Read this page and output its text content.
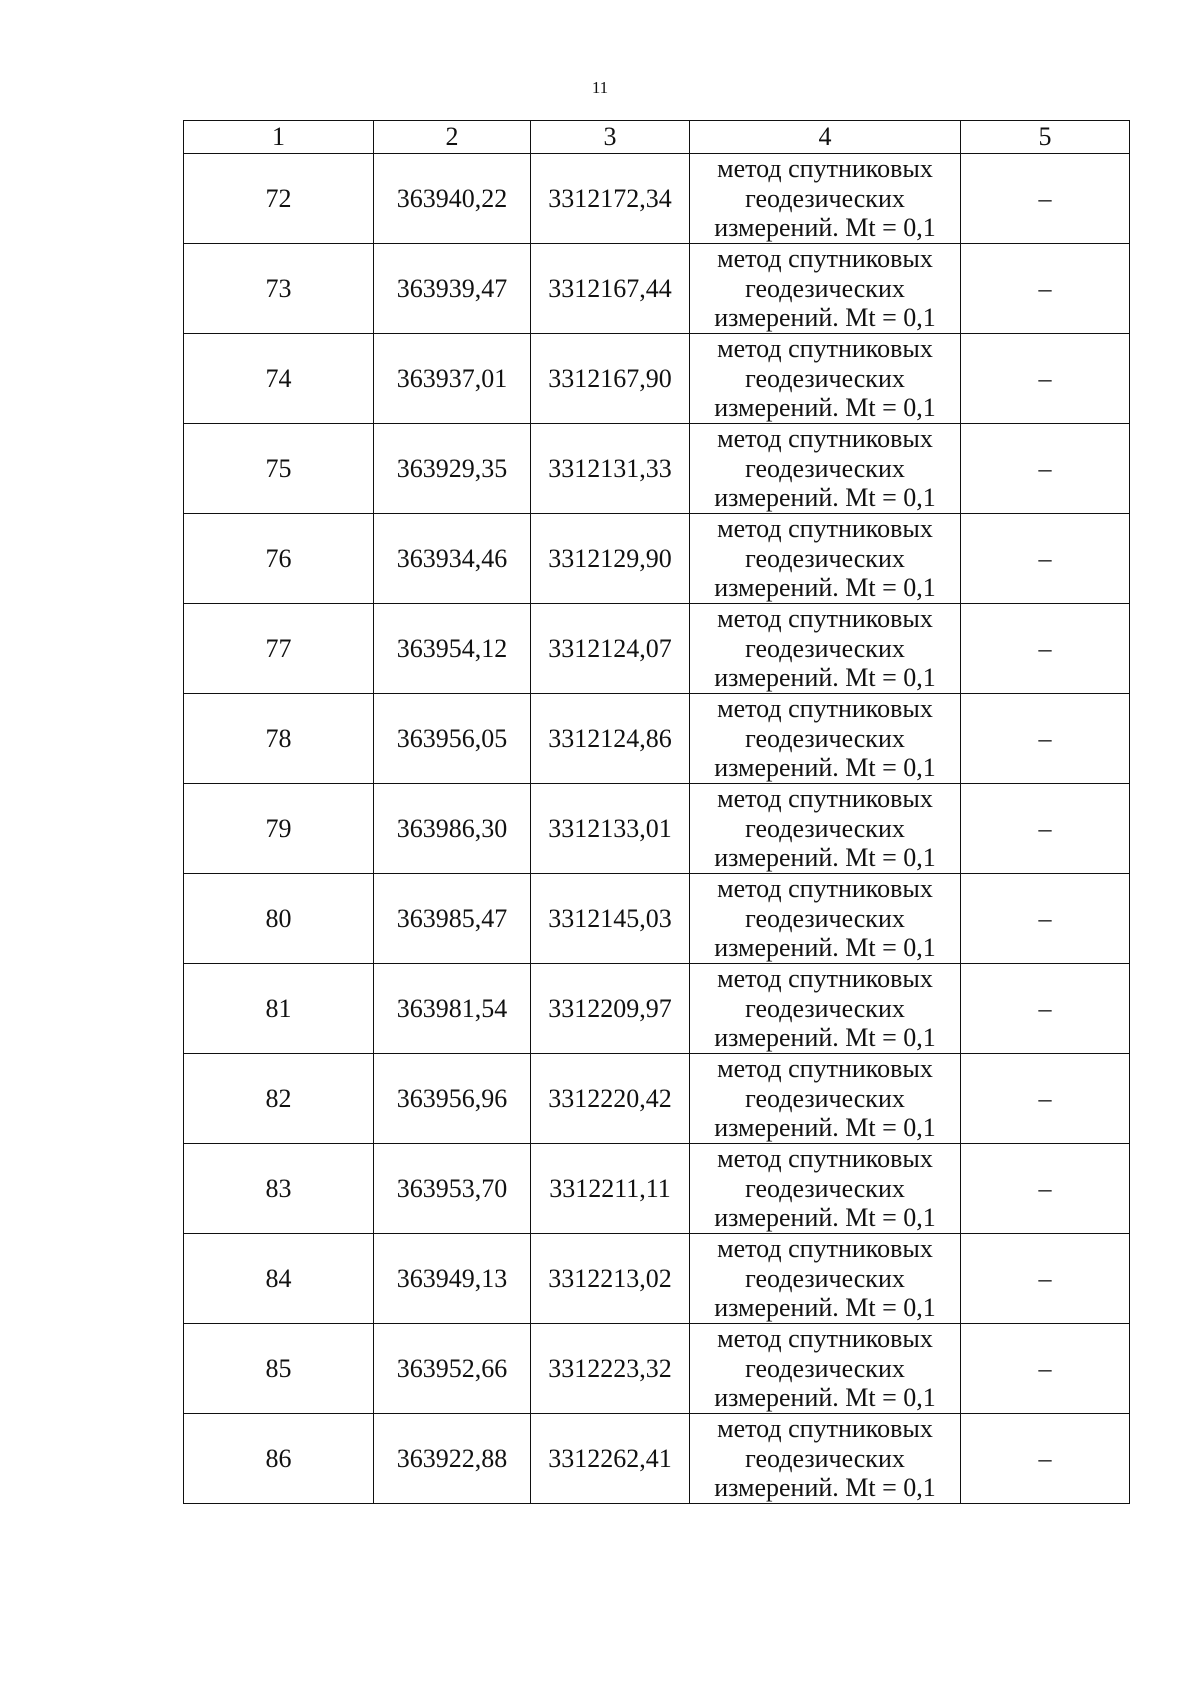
11
1	2	3	4	5
72	363940,22	3312172,34	метод спутниковых
геодезических
измерений. Mt = 0,1	–
73	363939,47	3312167,44	метод спутниковых
геодезических
измерений. Mt = 0,1	–
74	363937,01	3312167,90	метод спутниковых
геодезических
измерений. Mt = 0,1	–
75	363929,35	3312131,33	метод спутниковых
геодезических
измерений. Mt = 0,1	–
76	363934,46	3312129,90	метод спутниковых
геодезических
измерений. Mt = 0,1	–
77	363954,12	3312124,07	метод спутниковых
геодезических
измерений. Mt = 0,1	–
78	363956,05	3312124,86	метод спутниковых
геодезических
измерений. Mt = 0,1	–
79	363986,30	3312133,01	метод спутниковых
геодезических
измерений. Mt = 0,1	–
80	363985,47	3312145,03	метод спутниковых
геодезических
измерений. Mt = 0,1	–
81	363981,54	3312209,97	метод спутниковых
геодезических
измерений. Mt = 0,1	–
82	363956,96	3312220,42	метод спутниковых
геодезических
измерений. Mt = 0,1	–
83	363953,70	3312211,11	метод спутниковых
геодезических
измерений. Mt = 0,1	–
84	363949,13	3312213,02	метод спутниковых
геодезических
измерений. Mt = 0,1	–
85	363952,66	3312223,32	метод спутниковых
геодезических
измерений. Mt = 0,1	–
86	363922,88	3312262,41	метод спутниковых
геодезических
измерений. Mt = 0,1	–
